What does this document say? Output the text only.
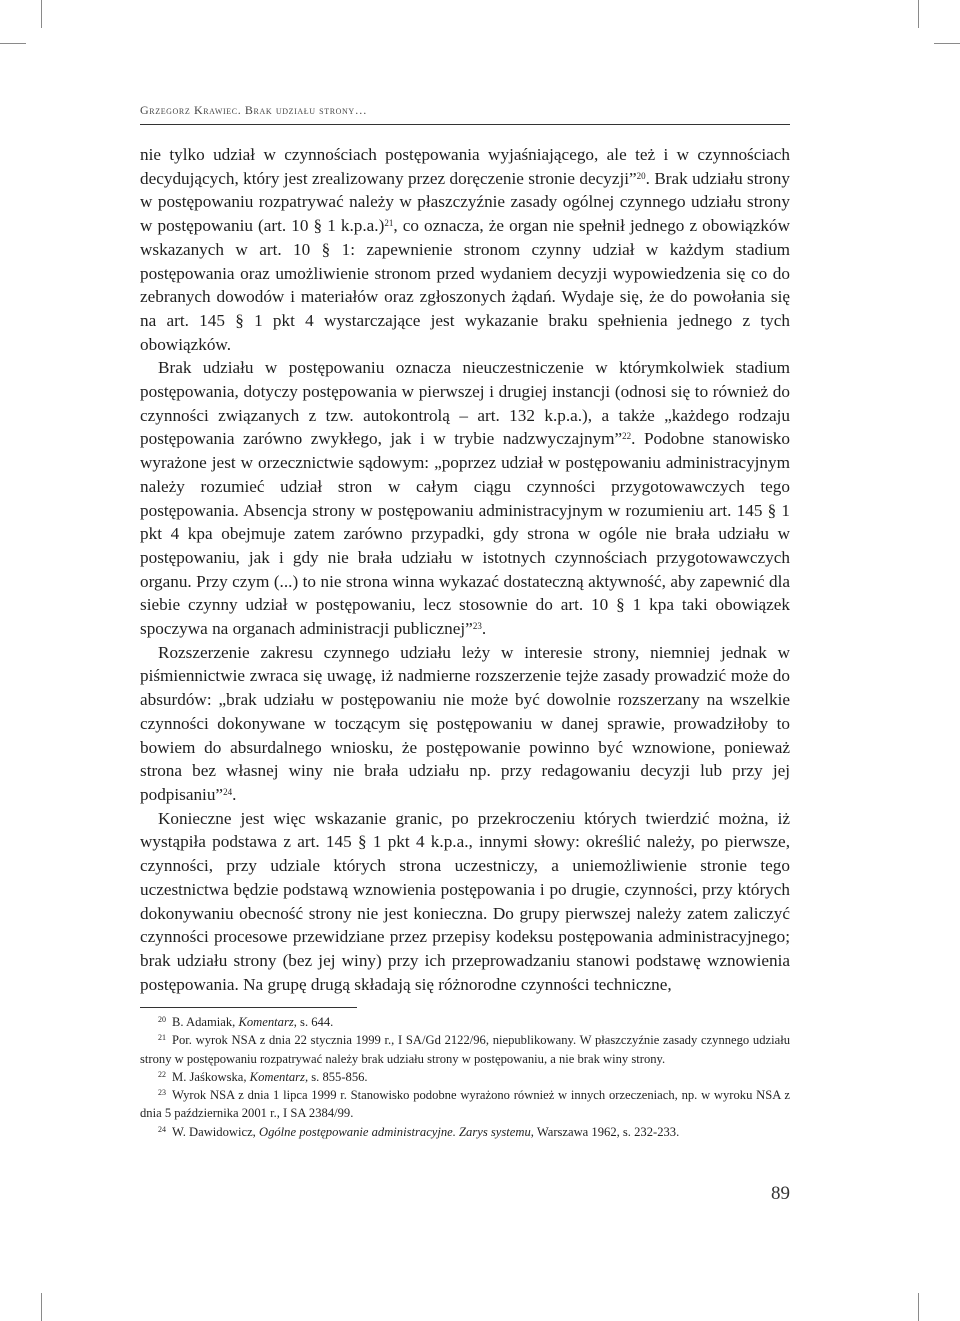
Grzegorz Krawiec. Brak udziału strony…

nie tylko udział w czynnościach postępowania wyjaśniającego, ale też i w czynnościach decydujących, który jest zrealizowany przez doręczenie stronie decyzji”$^{20}$. Brak udziału strony w postępowaniu rozpatrywać należy w płaszczyźnie zasady ogólnej czynnego udziału strony w postępowaniu (art. 10 § 1 k.p.a.)$^{21}$, co oznacza, że organ nie spełnił jednego z obowiązków wskazanych w art. 10 § 1: zapewnienie stronom czynny udział w każdym stadium postępowania oraz umożliwienie stronom przed wydaniem decyzji wypowiedzenia się co do zebranych dowodów i materiałów oraz zgłoszonych żądań. Wydaje się, że do powołania się na art. 145 § 1 pkt 4 wystarczające jest wykazanie braku spełnienia jednego z tych obowiązków.

Brak udziału w postępowaniu oznacza nieuczestniczenie w którymkolwiek stadium postępowania, dotyczy postępowania w pierwszej i drugiej instancji (odnosi się to również do czynności związanych z tzw. autokontrolą – art. 132 k.p.a.), a także „każdego rodzaju postępowania zarówno zwykłego, jak i w trybie nadzwyczajnym”$^{22}$. Podobne stanowisko wyrażone jest w orzecznictwie sądowym: „poprzez udział w postępowaniu administracyjnym należy rozumieć udział stron w całym ciągu czynności przygotowawczych tego postępowania. Absencja strony w postępowaniu administracyjnym w rozumieniu art. 145 § 1 pkt 4 kpa obejmuje zatem zarówno przypadki, gdy strona w ogóle nie brała udziału w postępowaniu, jak i gdy nie brała udziału w istotnych czynnościach przygotowawczych organu. Przy czym (...) to nie strona winna wykazać dostateczną aktywność, aby zapewnić dla siebie czynny udział w postępowaniu, lecz stosownie do art. 10 § 1 kpa taki obowiązek spoczywa na organach administracji publicznej”$^{23}$.

Rozszerzenie zakresu czynnego udziału leży w interesie strony, niemniej jednak w piśmiennictwie zwraca się uwagę, iż nadmierne rozszerzenie tejże zasady prowadzić może do absurdów: „brak udziału w postępowaniu nie może być dowolnie rozszerzany na wszelkie czynności dokonywane w toczącym się postępowaniu w danej sprawie, prowadziłoby to bowiem do absurdalnego wniosku, że postępowanie powinno być wznowione, ponieważ strona bez własnej winy nie brała udziału np. przy redagowaniu decyzji lub przy jej podpisaniu”$^{24}$.

Konieczne jest więc wskazanie granic, po przekroczeniu których twierdzić można, iż wystąpiła podstawa z art. 145 § 1 pkt 4 k.p.a., innymi słowy: określić należy, po pierwsze, czynności, przy udziale których strona uczestniczy, a uniemożliwienie stronie tego uczestnictwa będzie podstawą wznowienia postępowania i po drugie, czynności, przy których dokonywaniu obecność strony nie jest konieczna. Do grupy pierwszej należy zatem zaliczyć czynności procesowe przewidziane przez przepisy kodeksu postępowania administracyjnego; brak udziału strony (bez jej winy) przy ich przeprowadzaniu stanowi podstawę wznowienia postępowania. Na grupę drugą składają się różnorodne czynności techniczne,

$^{20}$ B. Adamiak, Komentarz, s. 644.

$^{21}$ Por. wyrok NSA z dnia 22 stycznia 1999 r., I SA/Gd 2122/96, niepublikowany. W płaszczyźnie zasady czynnego udziału strony w postępowaniu rozpatrywać należy brak udziału strony w postępowaniu, a nie brak winy strony.

$^{22}$ M. Jaśkowska, Komentarz, s. 855-856.

$^{23}$ Wyrok NSA z dnia 1 lipca 1999 r. Stanowisko podobne wyrażono również w innych orzeczeniach, np. w wyroku NSA z dnia 5 października 2001 r., I SA 2384/99.

$^{24}$ W. Dawidowicz, Ogólne postępowanie administracyjne. Zarys systemu, Warszawa 1962, s. 232-233.

89
